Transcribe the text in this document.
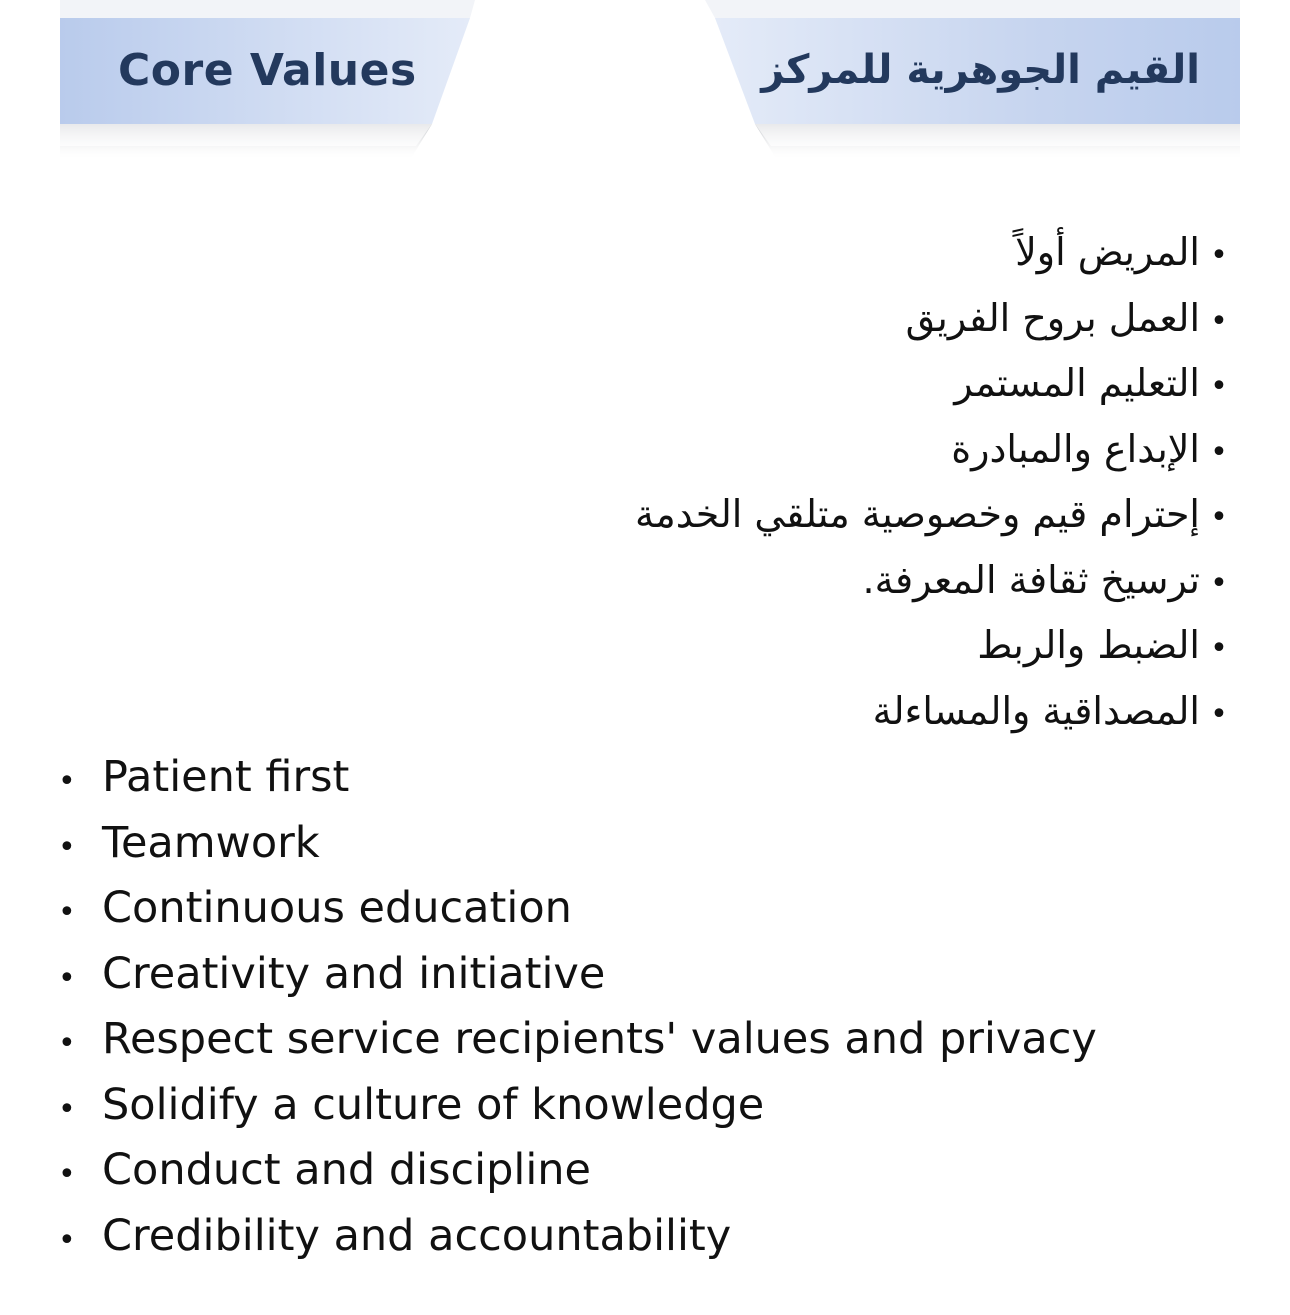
Core Values	القيم الجوهرية للمركز
•المريض أولاً
•العمل بروح الفريق
•التعليم المستمر
•الإبداع والمبادرة
•إحترام قيم وخصوصية متلقي الخدمة
•ترسيخ ثقافة المعرفة.
•الضبط والربط
•المصداقية والمساءلة
• Patient first
• Teamwork
• Continuous education
• Creativity and initiative
• Respect service recipients' values and privacy
• Solidify a culture of knowledge
• Conduct and discipline
• Credibility and accountability
